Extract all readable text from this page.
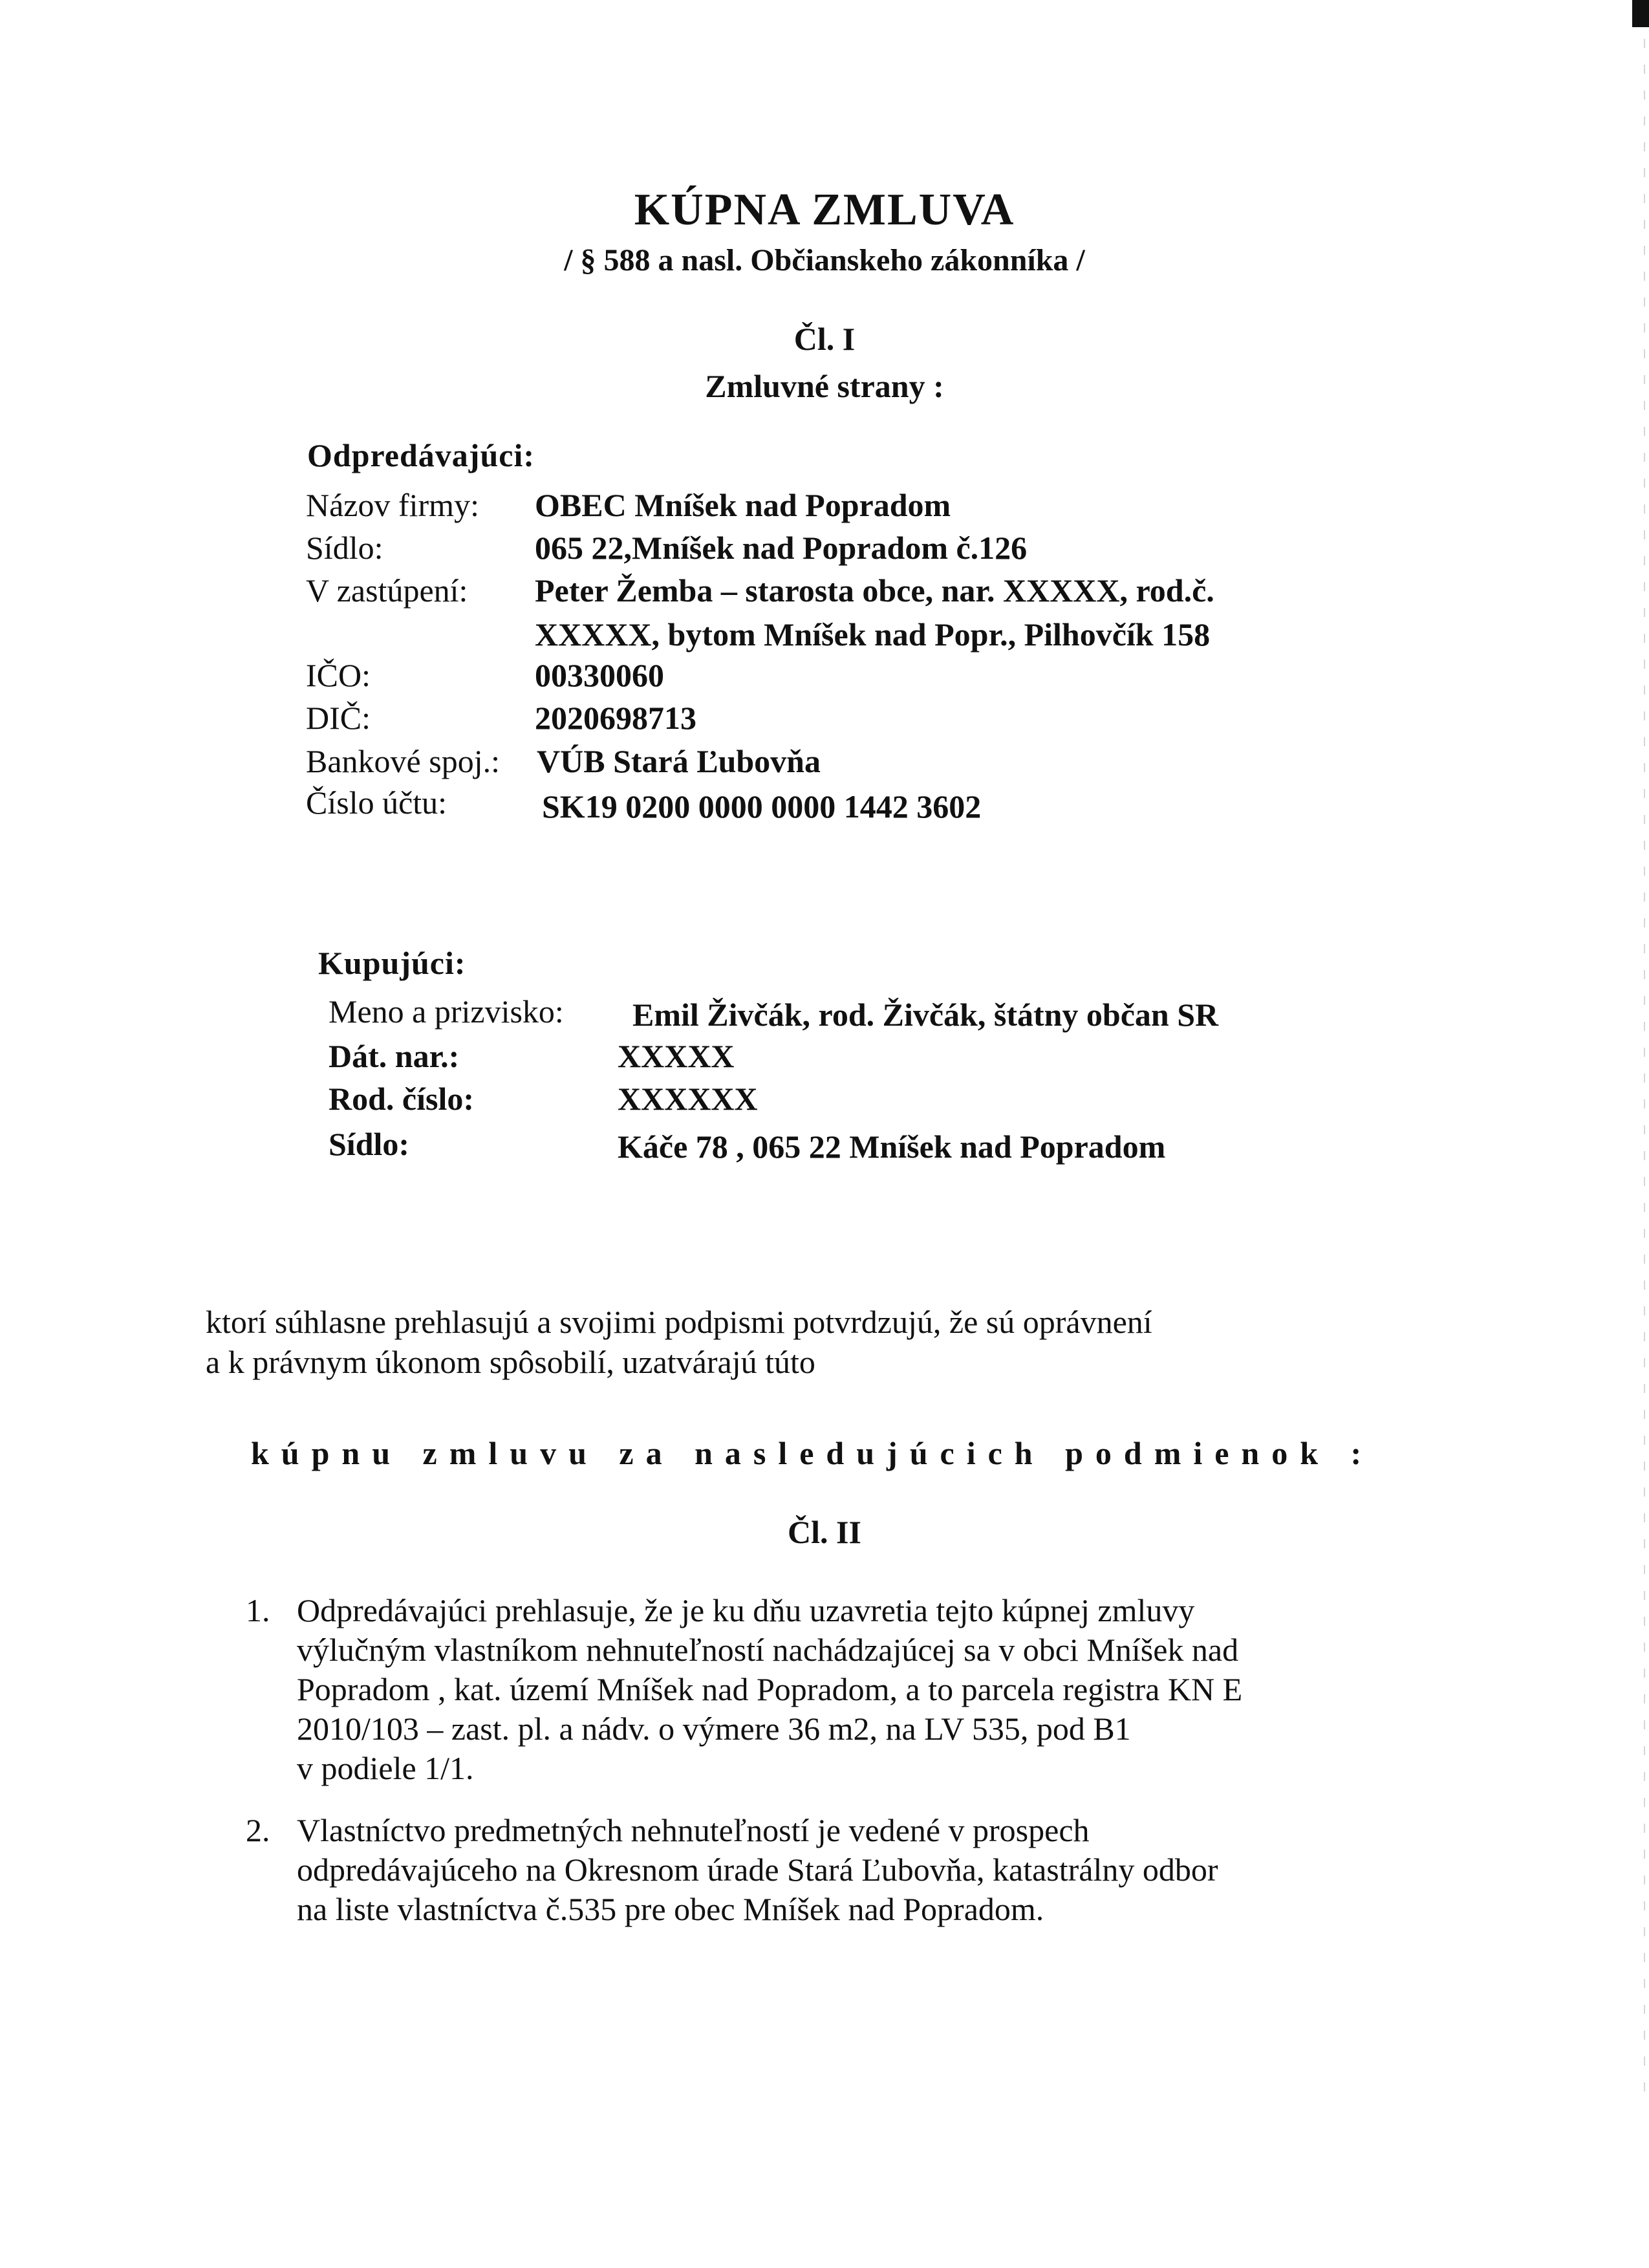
KÚPNA ZMLUVA
/ § 588 a nasl. Občianskeho zákonníka /
Čl. I
Zmluvné strany :
Odpredávajúci:
Názov firmy: OBEC Mníšek nad Popradom
Sídlo:	065 22,Mníšek nad Popradom č.126
V zastúpení: Peter Žemba – starosta obce, nar. XXXXX, rod.č.
XXXXX, bytom Mníšek nad Popr., Pilhovčík 158
IČO:	00330060
DIČ:	2020698713
Bankové spoj.: VÚB Stará Ľubovňa
Číslo účtu:	SK19 0200 0000 0000 1442 3602
Kupujúci:
Meno a prizvisko: Emil Živčák, rod. Živčák, štátny občan SR
Dát. nar.:	XXXXX
Rod. číslo:	XXXXXX
Sídlo:	Káče 78 , 065 22 Mníšek nad Popradom
ktorí súhlasne prehlasujú a svojimi podpismi potvrdzujú, že sú oprávnení
a k právnym úkonom spôsobilí, uzatvárajú túto
kúpnu zmluvu za nasledujúcich podmienok :
Čl. II
1. Odpredávajúci prehlasuje, že je ku dňu uzavretia tejto kúpnej zmluvy
výlučným vlastníkom nehnuteľností nachádzajúcej sa v obci Mníšek nad
Popradom , kat. území Mníšek nad Popradom, a to parcela registra KN E
2010/103 – zast. pl. a nádv. o výmere 36 m2, na LV 535, pod B1
v podiele 1/1.
2. Vlastníctvo predmetných nehnuteľností je vedené v prospech
odpredávajúceho na Okresnom úrade Stará Ľubovňa, katastrálny odbor
na liste vlastníctva č.535 pre obec Mníšek nad Popradom.
